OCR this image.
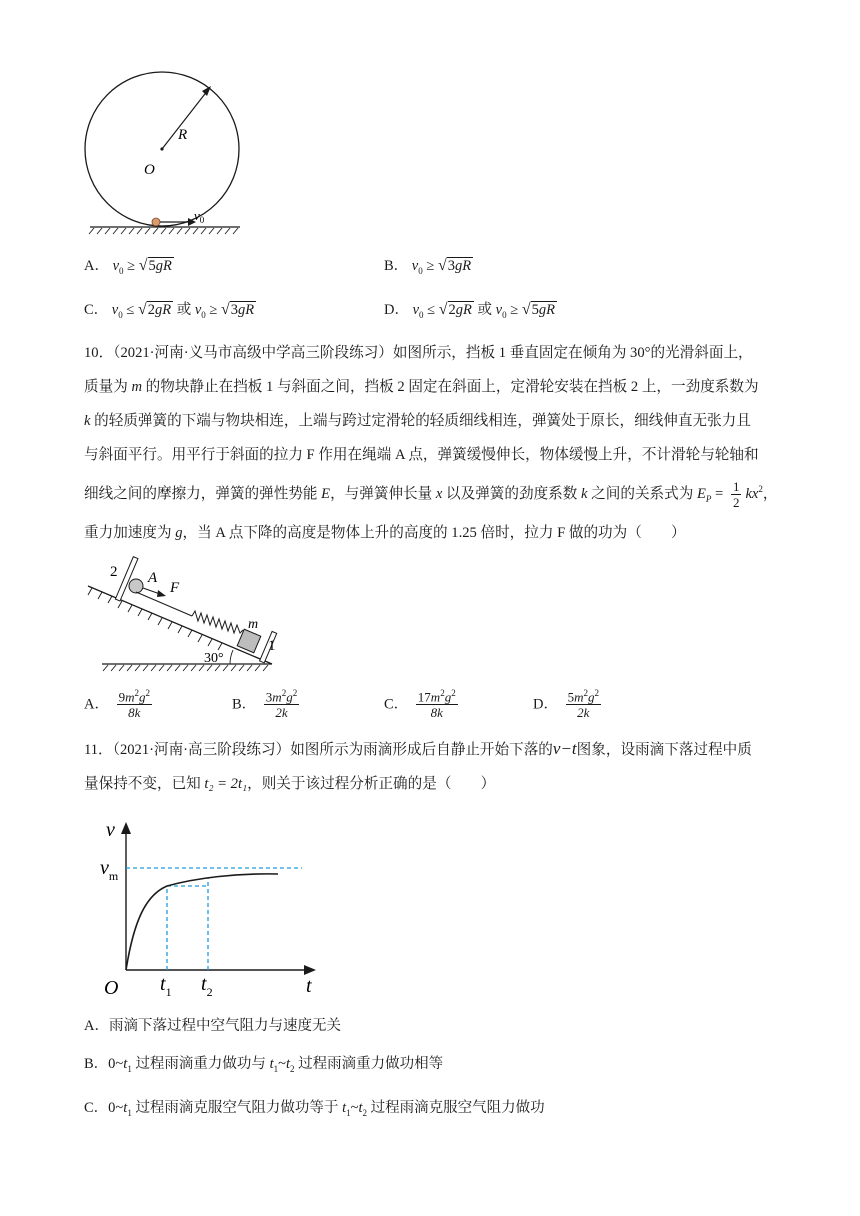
R
O
$v_0$
A． $v_0 \ge √5gR$	B． $v_0 \ge √3gR$
C． $v_0 \le √2gR$ 或 $v_0 \ge √3gR$	D． $v_0 \le √2gR$ 或 $v_0 \ge √5gR$
10．（2021·河南·义马市高级中学高三阶段练习）如图所示，挡板 1 垂直固定在倾角为 30°的光滑斜面上，
质量为 m 的物块静止在挡板 1 与斜面之间，挡板 2 固定在斜面上，定滑轮安装在挡板 2 上，一劲度系数为
k 的轻质弹簧的下端与物块相连，上端与跨过定滑轮的轻质细线相连，弹簧处于原长，细线伸直无张力且
与斜面平行。用平行于斜面的拉力 F 作用在绳端 A 点，弹簧缓慢伸长，物体缓慢上升，不计滑轮与轮轴和
细线之间的摩擦力，弹簧的弹性势能 E，与弹簧伸长量 x 以及弹簧的劲度系数 k 之间的关系式为 $E_P = \frac{1}{2} kx^2$，
重力加速度为 g，当 A 点下降的高度是物体上升的高度的 1.25 倍时，拉力 F 做的功为（　　）
2 A
F
m
1
30°
A． $\frac{9m^2g^2}{8k}$	B． $\frac{3m^2g^2}{2k}$	C． $\frac{17m^2g^2}{8k}$	D． $\frac{5m^2g^2}{2k}$
11．（2021·河南·高三阶段练习）如图所示为雨滴形成后自静止开始下落的v−t图象，设雨滴下落过程中质
量保持不变，已知 t₂ = 2t₁，则关于该过程分析正确的是（　　）
v
t
O
$v_m$
$t_1$ $t_2$
A．雨滴下落过程中空气阻力与速度无关
B．$0\sim t_1$ 过程雨滴重力做功与 $t_1\sim t_2$ 过程雨滴重力做功相等
C．$0\sim t_1$ 过程雨滴克服空气阻力做功等于 $t_1\sim t_2$ 过程雨滴克服空气阻力做功
